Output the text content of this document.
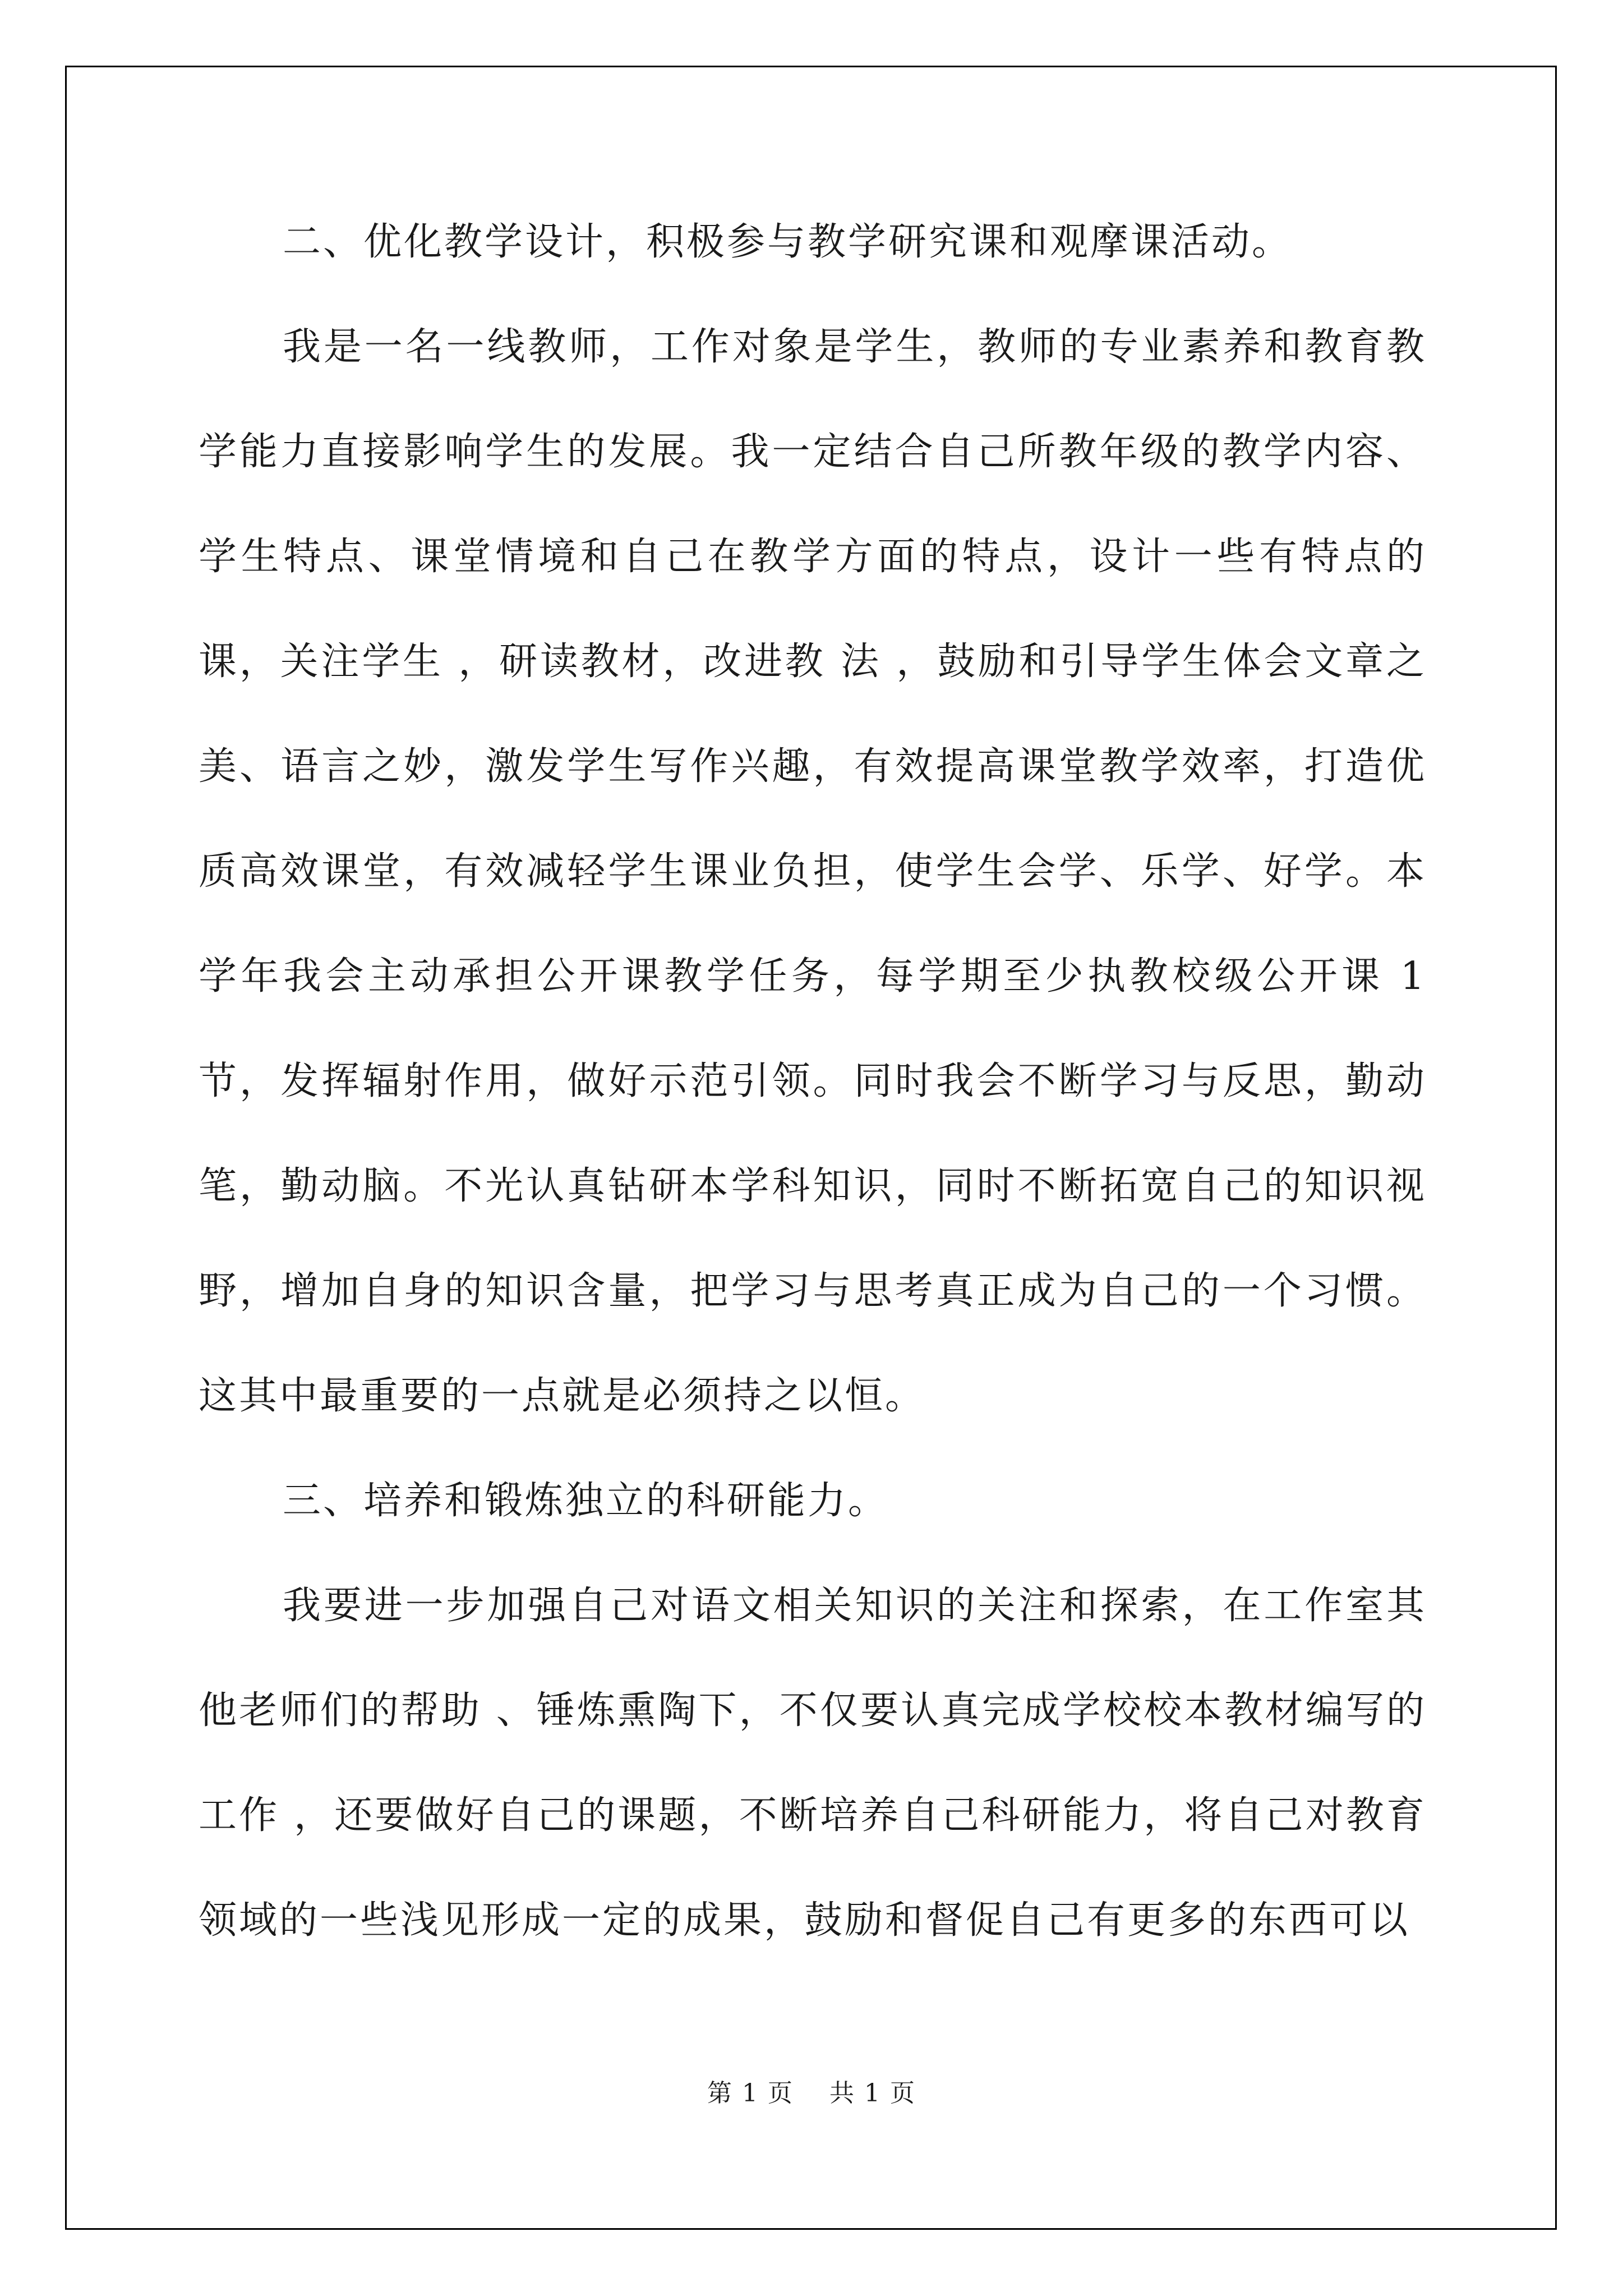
二、优化教学设计，积极参与教学研究课和观摩课活动。

我是一名一线教师，工作对象是学生，教师的专业素养和教育教学能力直接影响学生的发展。我一定结合自己所教年级的教学内容、学生特点、课堂情境和自己在教学方面的特点，设计一些有特点的课，关注学生 ，研读教材，改进教 法 ，鼓励和引导学生体会文章之美、语言之妙，激发学生写作兴趣，有效提高课堂教学效率，打造优质高效课堂，有效减轻学生课业负担，使学生会学、乐学、好学。本学年我会主动承担公开课教学任务，每学期至少执教校级公开课 1 节，发挥辐射作用，做好示范引领。同时我会不断学习与反思，勤动笔，勤动脑。不光认真钻研本学科知识，同时不断拓宽自己的知识视野，增加自身的知识含量，把学习与思考真正成为自己的一个习惯。这其中最重要的一点就是必须持之以恒。

三、培养和锻炼独立的科研能力。

我要进一步加强自己对语文相关知识的关注和探索，在工作室其他老师们的帮助 、锤炼熏陶下，不仅要认真完成学校校本教材编写的工作 ，还要做好自己的课题，不断培养自己科研能力，将自己对教育领域的一些浅见形成一定的成果，鼓励和督促自己有更多的东西可以

第 1 页 共 1 页
